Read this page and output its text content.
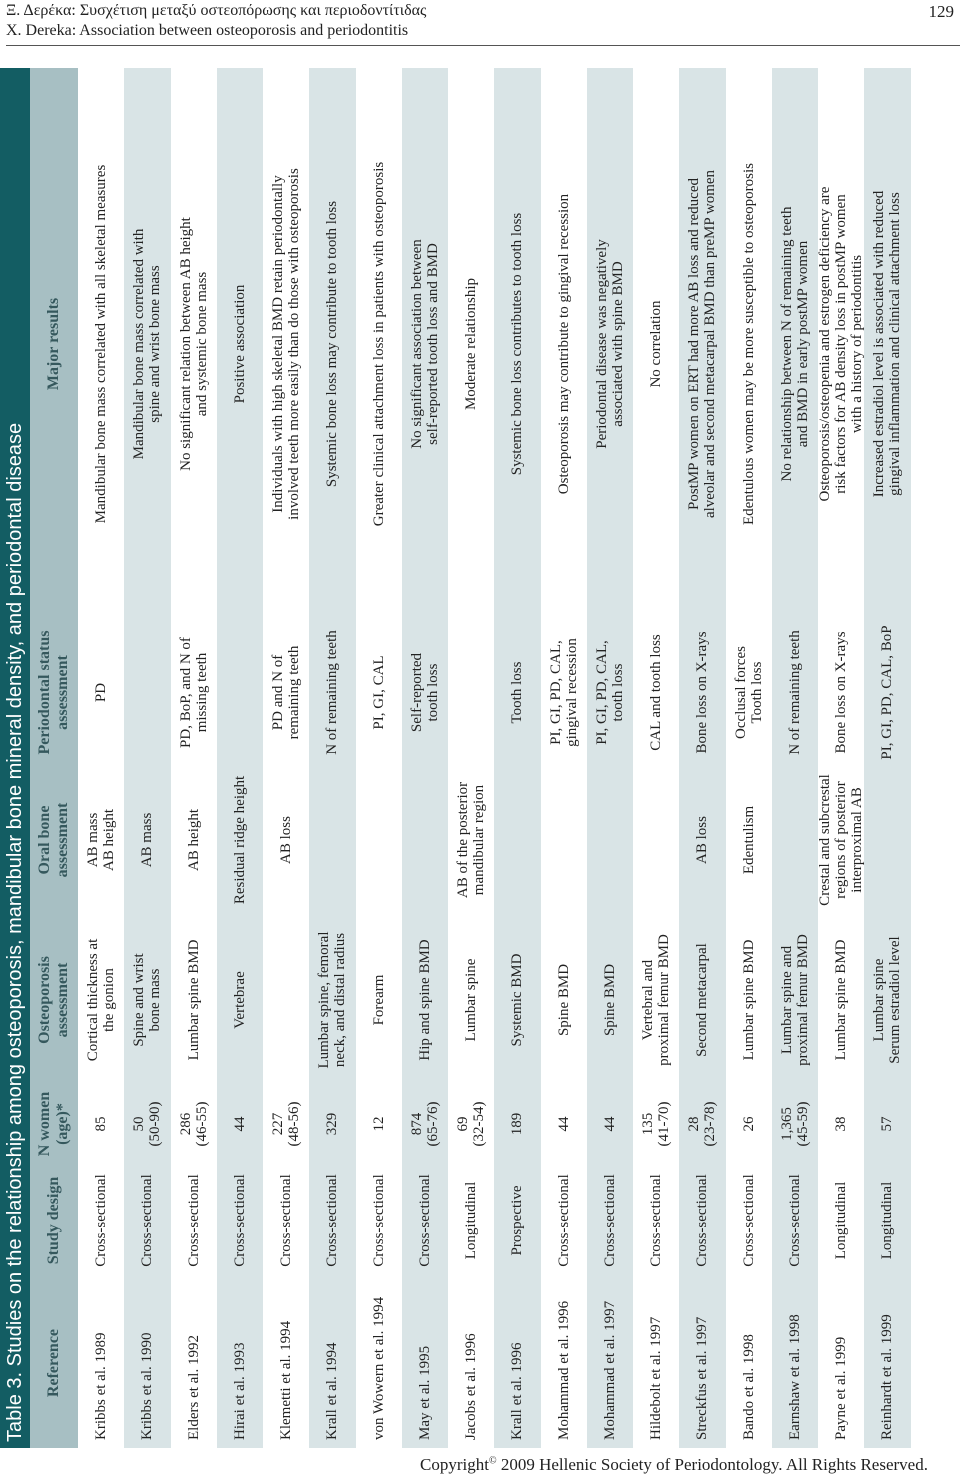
Ξ. Δερέκα: Συσχέτιση μεταξύ οστεοπόρωσης και περιοδοντίτιδας
X. Dereka: Association between osteoporosis and periodontitis
129
Table 3. Studies on the relationship among osteoporosis, mandibular bone mineral density, and periodontal disease	Reference
Study design
N women
(age)*
Osteoporosis
assessment
Oral bone
assessment
Periodontal status
assessment
Major results
Kribbs et al. 1989
Cross-sectional
85
Cortical thickness at
the gonion
AB mass
AB height
PD
Mandibular bone mass correlated with all skeletal measures
Kribbs et al. 1990
Cross-sectional
50
(50-90)
Spine and wrist
bone mass
AB mass
Mandibular bone mass correlated with
spine and wrist bone mass
Elders et al. 1992
Cross-sectional
286
(46-55)
Lumbar spine BMD
AB height
PD, BoP, and N of
missing teeth
No significant relation between AB height
and systemic bone mass
Hirai et al. 1993
Cross-sectional
44
Vertebrae
Residual ridge height
Positive association
Klemetti et al. 1994
Cross-sectional
227
(48-56)
AB loss
PD and N of
remaining teeth
Individuals with high skeletal BMD retain periodontally
involved teeth more easily than do those with osteoporosis
Krall et al. 1994
Cross-sectional
329
Lumbar spine, femoral
neck, and distal radius
N of remaining teeth
Systemic bone loss may contribute to tooth loss
von Wowern et al. 1994
Cross-sectional
12
Forearm
PI, GI, CAL
Greater clinical attachment loss in patients with osteoporosis
May et al. 1995
Cross-sectional
874
(65-76)
Hip and spine BMD
Self-reported
tooth loss
No significant association between
self-reported tooth loss and BMD
Jacobs et al. 1996
Longitudinal
69
(32-54)
Lumbar spine
AB of the posterior
mandibular region
Moderate relationship
Krall et al. 1996
Prospective
189
Systemic BMD
Tooth loss
Systemic bone loss contributes to tooth loss
Mohammad et al. 1996
Cross-sectional
44
Spine BMD
PI, GI, PD, CAL,
gingival recession
Osteoporosis may contribute to gingival recession
Mohammad et al. 1997
Cross-sectional
44
Spine BMD
PI, GI, PD, CAL,
tooth loss
Periodontal disease was negatively
associated with spine BMD
Hildebolt et al. 1997
Cross-sectional
135
(41-70)
Vertebral and
proximal femur BMD
CAL and tooth loss
No correlation
Streckfus et al. 1997
Cross-sectional
28
(23-78)
Second metacarpal
AB loss
Bone loss on X-rays
PostMP women on ERT had more AB loss and reduced
alveolar and second metacarpal BMD than preMP women
Bando et al. 1998
Cross-sectional
26
Lumbar spine BMD
Edentulism
Occlusal forces
Tooth loss
Edentulous women may be more susceptible to osteoporosis
Earnshaw et al. 1998
Cross-sectional
1,365
(45-59)
Lumbar spine and
proximal femur BMD
N of remaining teeth
No relationship between N of remaining teeth
and BMD in early postMP women
Payne et al. 1999
Longitudinal
38
Lumbar spine BMD
Crestal and subcrestal
regions of posterior
interproximal AB
Bone loss on X-rays
Osteoporosis/osteopenia and estrogen deficiency are
risk factors for AB density loss in postMP women
with a history of periodontitis
Reinhardt et al. 1999
Longitudinal
57
Lumbar spine
Serum estradiol level
PI, GI, PD, CAL, BoP
Increased estradiol level is associated with reduced
gingival inflammation and clinical attachment loss
Copyright© 2009 Hellenic Society of Periodontology. All Rights Reserved.
